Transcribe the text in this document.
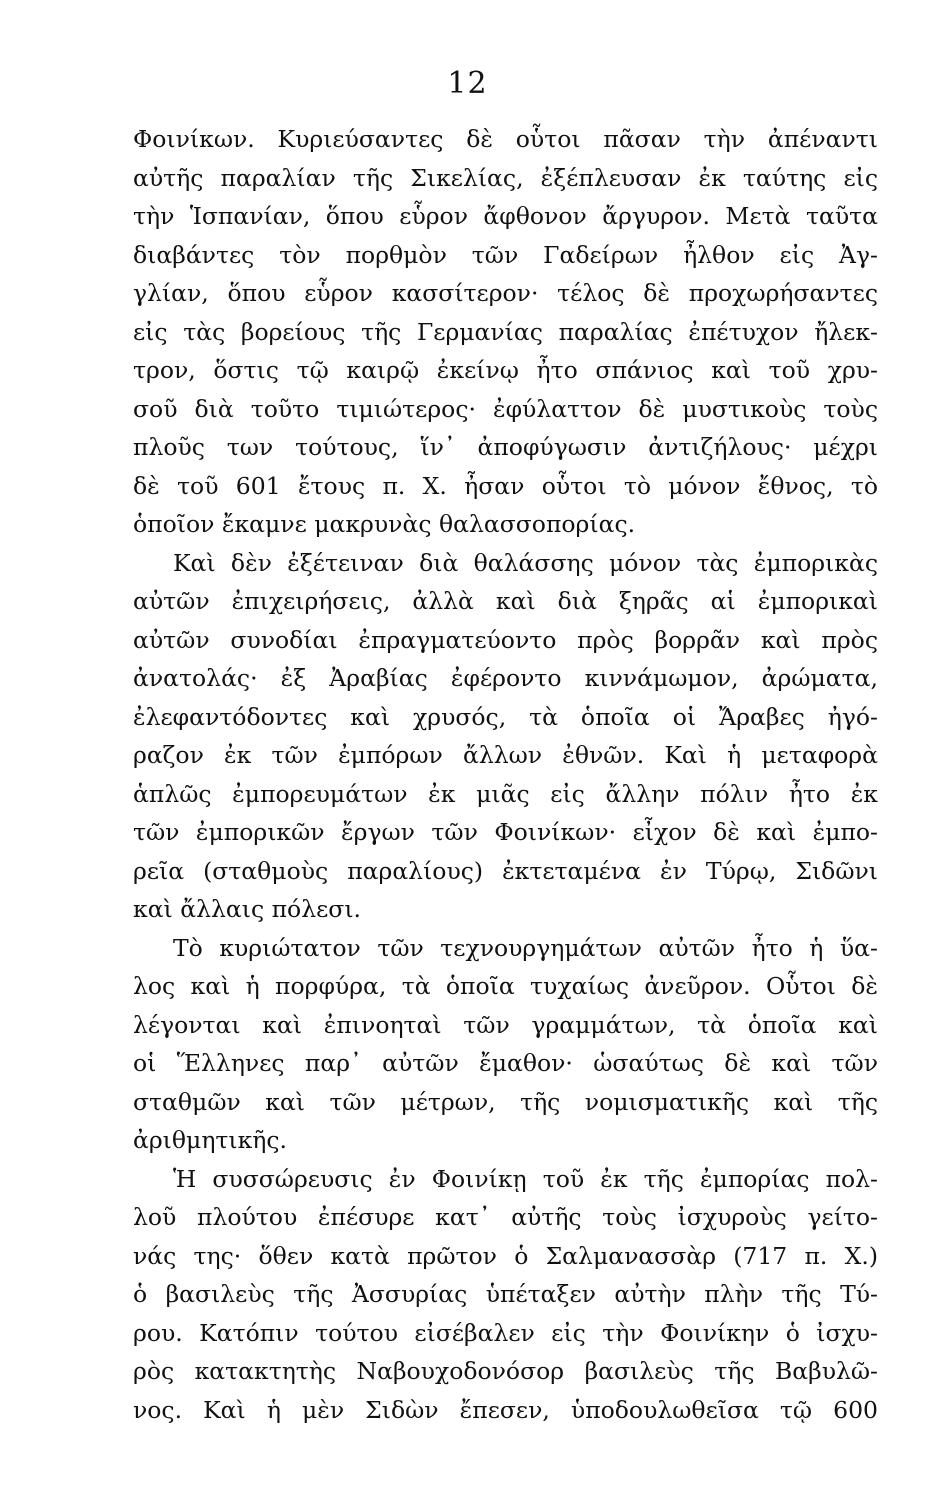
12
Φοινίκων. Κυριεύσαντες δὲ οὗτοι πᾶσαν τὴν ἀπέναντι
αὐτῆς παραλίαν τῆς Σικελίας, ἐξέπλευσαν ἐκ ταύτης εἰς
τὴν Ἱσπανίαν, ὅπου εὗρον ἄφθονον ἄργυρον. Μετὰ ταῦτα
διαβάντες τὸν πορθμὸν τῶν Γαδείρων ἦλθον εἰς Ἀγ-
γλίαν, ὅπου εὗρον κασσίτερον· τέλος δὲ προχωρήσαντες
εἰς τὰς βορείους τῆς Γερμανίας παραλίας ἐπέτυχον ἤλεκ-
τρον, ὅστις τῷ καιρῷ ἐκείνῳ ἦτο σπάνιος καὶ τοῦ χρυ-
σοῦ διὰ τοῦτο τιμιώτερος· ἐφύλαττον δὲ μυστικοὺς τοὺς
πλοῦς των τούτους, ἵν᾽ ἀποφύγωσιν ἀντιζήλους· μέχρι
δὲ τοῦ 601 ἔτους π. Χ. ἦσαν οὗτοι τὸ μόνον ἔθνος, τὸ
ὁποῖον ἔκαμνε μακρυνὰς θαλασσοπορίας.
Καὶ δὲν ἐξέτειναν διὰ θαλάσσης μόνον τὰς ἐμπορικὰς
αὐτῶν ἐπιχειρήσεις, ἀλλὰ καὶ διὰ ξηρᾶς αἱ ἐμπορικαὶ
αὐτῶν συνοδίαι ἐπραγματεύοντο πρὸς βορρᾶν καὶ πρὸς
ἀνατολάς· ἐξ Ἀραβίας ἐφέροντο κιννάμωμον, ἀρώματα,
ἐλεφαντόδοντες καὶ χρυσός, τὰ ὁποῖα οἱ Ἄραβες ἠγό-
ραζον ἐκ τῶν ἐμπόρων ἄλλων ἐθνῶν. Καὶ ἡ μεταφορὰ
ἁπλῶς ἐμπορευμάτων ἐκ μιᾶς εἰς ἄλλην πόλιν ἦτο ἐκ
τῶν ἐμπορικῶν ἔργων τῶν Φοινίκων· εἶχον δὲ καὶ ἐμπο-
ρεῖα (σταθμοὺς παραλίους) ἐκτεταμένα ἐν Τύρῳ, Σιδῶνι
καὶ ἄλλαις πόλεσι.
Τὸ κυριώτατον τῶν τεχνουργημάτων αὐτῶν ἦτο ἡ ὕα-
λος καὶ ἡ πορφύρα, τὰ ὁποῖα τυχαίως ἀνεῦρον. Οὗτοι δὲ
λέγονται καὶ ἐπινοηταὶ τῶν γραμμάτων, τὰ ὁποῖα καὶ
οἱ Ἕλληνες παρ᾽ αὐτῶν ἔμαθον· ὡσαύτως δὲ καὶ τῶν
σταθμῶν καὶ τῶν μέτρων, τῆς νομισματικῆς καὶ τῆς
ἀριθμητικῆς.
Ἡ συσσώρευσις ἐν Φοινίκῃ τοῦ ἐκ τῆς ἐμπορίας πολ-
λοῦ πλούτου ἐπέσυρε κατ᾽ αὐτῆς τοὺς ἰσχυροὺς γείτο-
νάς της· ὅθεν κατὰ πρῶτον ὁ Σαλμανασσὰρ (717 π. Χ.)
ὁ βασιλεὺς τῆς Ἀσσυρίας ὑπέταξεν αὐτὴν πλὴν τῆς Τύ-
ρου. Κατόπιν τούτου εἰσέβαλεν εἰς τὴν Φοινίκην ὁ ἰσχυ-
ρὸς κατακτητὴς Ναβουχοδονόσορ βασιλεὺς τῆς Βαβυλῶ-
νος. Καὶ ἡ μὲν Σιδὼν ἔπεσεν, ὑποδουλωθεῖσα τῷ 600
